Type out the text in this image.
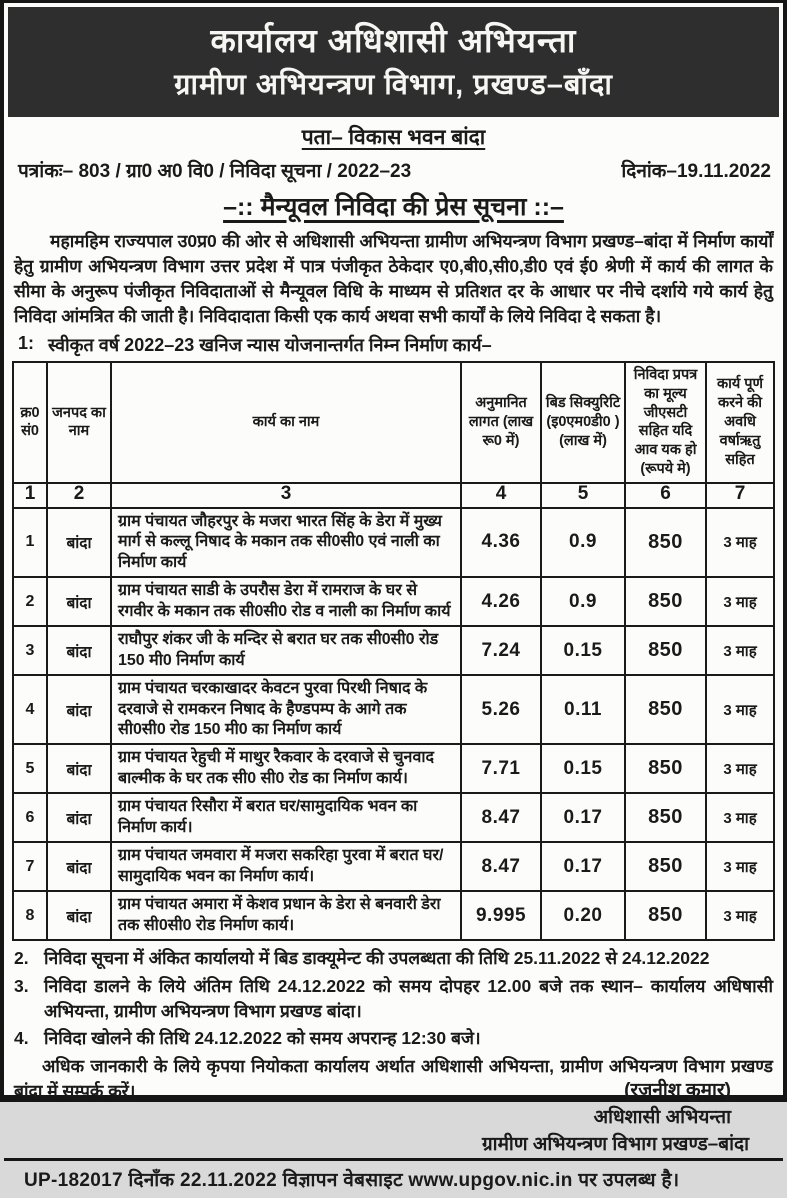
कार्यालय अधिशासी अभियन्ता
ग्रामीण अभियन्त्रण विभाग, प्रखण्ड–बाँदा
पता– विकास भवन बांदा
पत्रांकः– 803 / ग्रा0 अ0 वि0 / निविदा सूचना / 2022–23	दिनांक–19.11.2022
–:: मैन्यूवल निविदा की प्रेस सूचना ::–

महामहिम राज्यपाल उ0प्र0 की ओर से अधिशासी अभियन्ता ग्रामीण अभियन्त्रण विभाग प्रखण्ड–बांदा में निर्माण कार्यों हेतु ग्रामीण अभियन्त्रण विभाग उत्तर प्रदेश में पात्र पंजीकृत ठेकेदार ए0,बी0,सी0,डी0 एवं ई0 श्रेणी में कार्य की लागत के सीमा के अनुरूप पंजीकृत निविदाताओं से मैन्यूवल विधि के माध्यम से प्रतिशत दर के आधार पर नीचे दर्शाये गये कार्य हेतु निविदा आंमत्रित की जाती है। निविदादाता किसी एक कार्य अथवा सभी कार्यों के लिये निविदा दे सकता है।

1: स्वीकृत वर्ष 2022–23 खनिज न्यास योजनान्तर्गत निम्न निर्माण कार्य–
क्र0 सं0	जनपद का नाम	कार्य का नाम	अनुमानित लागत (लाख रू0 में)	बिड सिक्युरिटि (इ0एम0डी0 ) (लाख में)	निविदा प्रपत्र का मूल्य जीएसटी सहित यदि आव यक हो (रूपये मे)	कार्य पूर्ण करने की अवधि वर्षाऋतु सहित
1	2	3	4	5	6	7
1	बांदा	ग्राम पंचायत जौहरपुर के मजरा भारत सिंह के डेरा में मुख्य मार्ग से कल्लू निषाद के मकान तक सी0सी0 एवं नाली का निर्माण कार्य	4.36	0.9	850	3 माह
2	बांदा	ग्राम पंचायत साडी के उपरौस डेरा में रामराज के घर से रगवीर के मकान तक सी0सी0 रोड व नाली का निर्माण कार्य	4.26	0.9	850	3 माह
3	बांदा	राघौपुर शंकर जी के मन्दिर से बरात घर तक सी0सी0 रोड 150 मी0 निर्माण कार्य	7.24	0.15	850	3 माह
4	बांदा	ग्राम पंचायत चरकाखादर केवटन पुरवा पिरथी निषाद के दरवाजे से रामकरन निषाद के हैण्डपम्प के आगे तक सी0सी0 रोड 150 मी0 का निर्माण कार्य	5.26	0.11	850	3 माह
5	बांदा	ग्राम पंचायत रेहुची में माथुर रैकवार के दरवाजे से चुनवाद बाल्मीक के घर तक सी0 सी0 रोड का निर्माण कार्य।	7.71	0.15	850	3 माह
6	बांदा	ग्राम पंचायत रिसौरा में बरात घर/सामुदायिक भवन का निर्माण कार्य।	8.47	0.17	850	3 माह
7	बांदा	ग्राम पंचायत जमवारा में मजरा सकरिहा पुरवा में बरात घर/सामुदायिक भवन का निर्माण कार्य।	8.47	0.17	850	3 माह
8	बांदा	ग्राम पंचायत अमारा में केशव प्रधान के डेरा से बनवारी डेरा तक सी0सी0 रोड निर्माण कार्य।	9.995	0.20	850	3 माह
2. निविदा सूचना में अंकित कार्यालयो में बिड डाक्यूमेन्ट की उपलब्धता की तिथि 25.11.2022 से 24.12.2022
3. निविदा डालने के लिये अंतिम तिथि 24.12.2022 को समय दोपहर 12.00 बजे तक स्थान– कार्यालय अधिषासी अभियन्ता, ग्रामीण अभियन्त्रण विभाग प्रखण्ड बांदा।
4. निविदा खोलने की तिथि 24.12.2022 को समय अपरान्ह 12:30 बजे।

अधिक जानकारी के लिये कृपया नियोकता कार्यालय अर्थात अधिशासी अभियन्ता, ग्रामीण अभियन्त्रण विभाग प्रखण्ड बांदा में सम्पर्क करें।	(रजनीश कुमार)
अधिशासी अभियन्ता
ग्रामीण अभियन्त्रण विभाग प्रखण्ड–बांदा
UP-182017 दिनाँक 22.11.2022 विज्ञापन वेबसाइट www.upgov.nic.in पर उपलब्ध है।
